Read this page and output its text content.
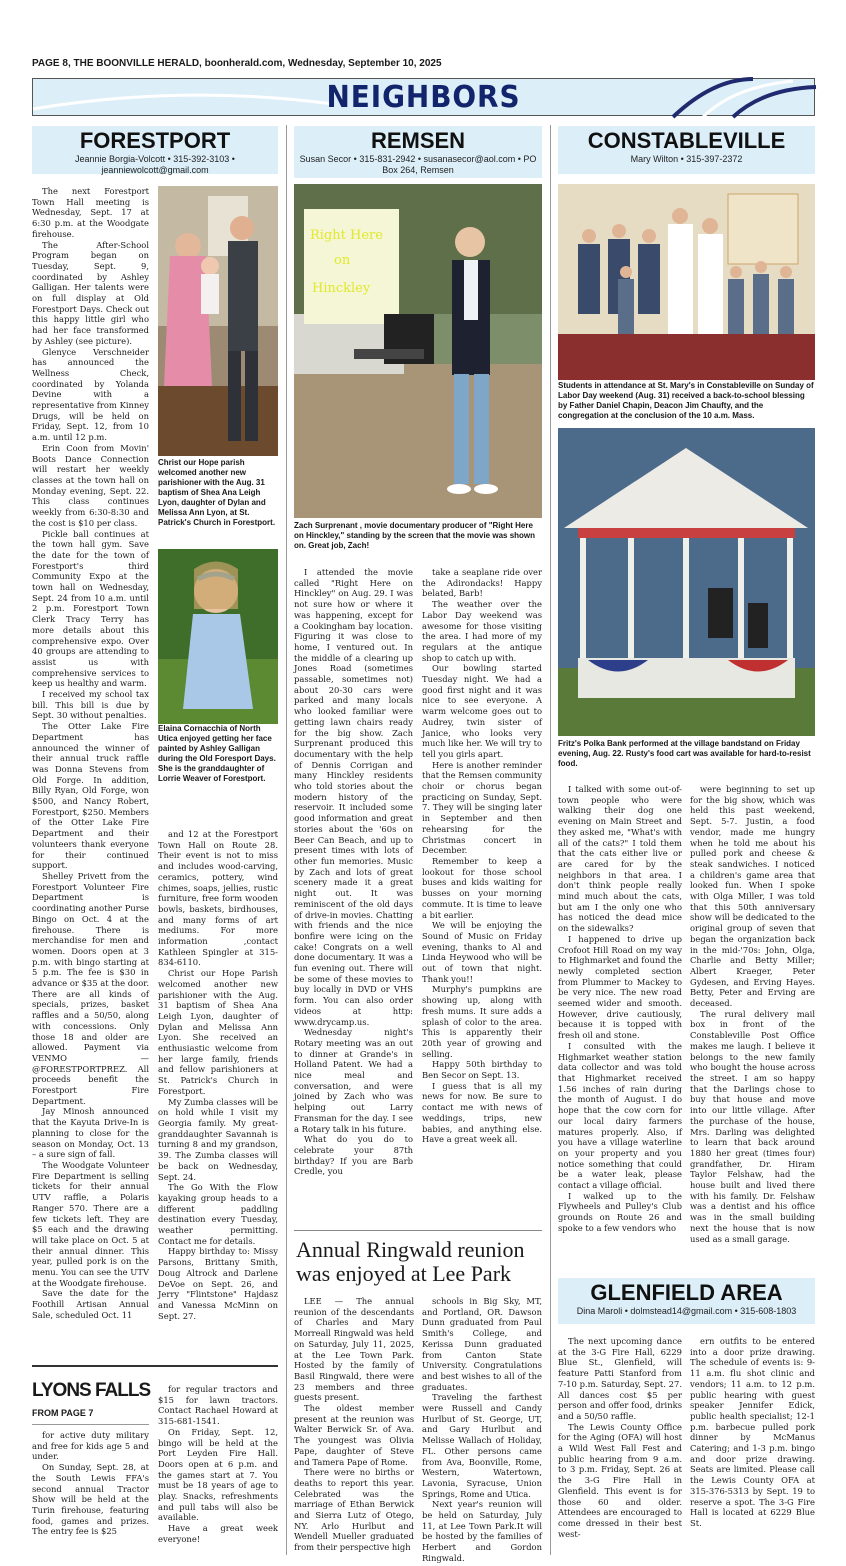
PAGE 8, THE BOONVILLE HERALD, boonherald.com, Wednesday, September 10, 2025
NEIGHBORS
FORESTPORT
Jeannie Borgia-Volcott • 315-392-3103 • jeanniewolcott@gmail.com

The next Forestport Town Hall meeting is Wednesday, Sept. 17 at 6:30 p.m. at the Woodgate firehouse.

The After-School Program began on Tuesday, Sept. 9, coordinated by Ashley Galligan. Her talents were on full display at Old Forestport Days. Check out this happy little girl who had her face transformed by Ashley (see picture).

Glenyce Verschneider has announced the Wellness Check, coordinated by Yolanda Devine with a representative from Kinney Drugs, will be held on Friday, Sept. 12, from 10 a.m. until 12 p.m.

Erin Coon from Movin' Boots Dance Connection will restart her weekly classes at the town hall on Monday evening, Sept. 22. This class continues weekly from 6:30-8:30 and the cost is $10 per class.

Pickle ball continues at the town hall gym. Save the date for the town of Forestport's third Community Expo at the town hall on Wednesday, Sept. 24 from 10 a.m. until 2 p.m. Forestport Town Clerk Tracy Terry has more details about this comprehensive expo. Over 40 groups are attending to assist us with comprehensive services to keep us healthy and warm.

I received my school tax bill. This bill is due by Sept. 30 without penalties.

The Otter Lake Fire Department has announced the winner of their annual truck raffle was Donna Stevens from Old Forge. In addition, Billy Ryan, Old Forge, won $500, and Nancy Robert, Forestport, $250. Members of the Otter Lake Fire Department and their volunteers thank everyone for their continued support.

Shelley Privett from the Forestport Volunteer Fire Department is coordinating another Purse Bingo on Oct. 4 at the firehouse. There is merchandise for men and women. Doors open at 3 p.m. with bingo starting at 5 p.m. The fee is $30 in advance or $35 at the door. There are all kinds of specials, prizes, basket raffles and a 50/50, along with concessions. Only those 18 and older are allowed. Payment via VENMO — @FORESTPORTPREZ. All proceeds benefit the Forestport Fire Department.

Jay Minosh announced that the Kayuta Drive-In is planning to close for the season on Monday, Oct. 13 – a sure sign of fall.

The Woodgate Volunteer Fire Department is selling tickets for their annual UTV raffle, a Polaris Ranger 570. There are a few tickets left. They are $5 each and the drawing will take place on Oct. 5 at their annual dinner. This year, pulled pork is on the menu. You can see the UTV at the Woodgate firehouse.

Save the date for the Foothill Artisan Annual Sale, scheduled Oct. 11

Christ our Hope parish welcomed another new parishioner with the Aug. 31 baptism of Shea Ana Leigh Lyon, daughter of Dylan and Melissa Ann Lyon, at St. Patrick's Church in Forestport.
Elaina Cornacchia of North Utica enjoyed getting her face painted by Ashley Galligan during the Old Foresport Days. She is the granddaughter of Lorrie Weaver of Forestport.

and 12 at the Forestport Town Hall on Route 28. Their event is not to miss and includes wood-carving, ceramics, pottery, wind chimes, soaps, jellies, rustic furniture, free form wooden bowls, baskets, birdhouses, and many forms of art mediums. For more information ,contact Kathleen Spingler at 315-834-6110.

Christ our Hope Parish welcomed another new parishioner with the Aug. 31 baptism of Shea Ana Leigh Lyon, daughter of Dylan and Melissa Ann Lyon. She received an enthusiastic welcome from her large family, friends and fellow parishioners at St. Patrick's Church in Forestport.

My Zumba classes will be on hold while I visit my Georgia family. My great-granddaughter Savannah is turning 8 and my grandson, 39. The Zumba classes will be back on Wednesday, Sept. 24.

The Go With the Flow kayaking group heads to a different paddling destination every Tuesday, weather permitting. Contact me for details.

Happy birthday to: Missy Parsons, Brittany Smith, Doug Altrock and Darlene DeVoe on Sept. 26, and Jerry "Flintstone" Hajdasz and Vanessa McMinn on Sept. 27.

LYONS FALLS
FROM PAGE 7

for active duty military and free for kids age 5 and under.

On Sunday, Sept. 28, at the South Lewis FFA's second annual Tractor Show will be held at the Turin firehouse, featuring food, games and prizes. The entry fee is $25

for regular tractors and $15 for lawn tractors. Contact Rachael Howard at 315-681-1541.

On Friday, Sept. 12, bingo will be held at the Port Leyden Fire Hall. Doors open at 6 p.m. and the games start at 7. You must be 18 years of age to play. Snacks, refreshments and pull tabs will also be available.

Have a great week everyone!

REMSEN
Susan Secor • 315-831-2942 • susanasecor@aol.com • PO Box 264, Remsen
Right Here
on
Hinckley
Zach Surprenant , movie documentary producer of "Right Here on Hinckley," standing by the screen that the movie was shown on. Great job, Zach!

I attended the movie called "Right Here on Hinckley" on Aug. 29. I was not sure how or where it was happening, except for a Cookingham bay location. Figuring it was close to home, I ventured out. In the middle of a clearing up Jones Road (sometimes passable, sometimes not) about 20-30 cars were parked and many locals who looked familiar were getting lawn chairs ready for the big show. Zach Surprenant produced this documentary with the help of Dennis Corrigan and many Hinckley residents who told stories about the modern history of the reservoir. It included some good information and great stories about the '60s on Beer Can Beach, and up to present times with lots of other fun memories. Music by Zach and lots of great scenery made it a great night out. It was reminiscent of the old days of drive-in movies. Chatting with friends and the nice bonfire were icing on the cake! Congrats on a well done documentary. It was a fun evening out. There will be some of these movies to buy locally in DVD or VHS form. You can also order videos at http: www.drycamp.us.

Wednesday night's Rotary meeting was an out to dinner at Grande's in Holland Patent. We had a nice meal and conversation, and were joined by Zach who was helping out Larry Fransman for the day. I see a Rotary talk in his future.

What do you do to celebrate your 87th birthday? If you are Barb Credle, you

take a seaplane ride over the Adirondacks! Happy belated, Barb!

The weather over the Labor Day weekend was awesome for those visiting the area. I had more of my regulars at the antique shop to catch up with.

Our bowling started Tuesday night. We had a good first night and it was nice to see everyone. A warm welcome goes out to Audrey, twin sister of Janice, who looks very much like her. We will try to tell you girls apart.

Here is another reminder that the Remsen community choir or chorus began practicing on Sunday, Sept. 7. They will be singing later in September and then rehearsing for the Christmas concert in December.

Remember to keep a lookout for those school buses and kids waiting for busses on your morning commute. It is time to leave a bit earlier.

We will be enjoying the Sound of Music on Friday evening, thanks to Al and Linda Heywood who will be out of town that night. Thank you!!

Murphy's pumpkins are showing up, along with fresh mums. It sure adds a splash of color to the area. This is apparently their 20th year of growing and selling.

Happy 50th birthday to Ben Secor on Sept. 13.

I guess that is all my news for now. Be sure to contact me with news of weddings, trips, new babies, and anything else. Have a great week all.

Annual Ringwald reunion was enjoyed at Lee Park

LEE — The annual reunion of the descendants of Charles and Mary Morreall Ringwald was held on Saturday, July 11, 2025, at the Lee Town Park. Hosted by the family of Basil Ringwald, there were 23 members and three guests present.

The oldest member present at the reunion was Walter Berwick Sr. of Ava. The youngest was Olivia Pape, daughter of Steve and Tamera Pape of Rome.

There were no births or deaths to report this year. Celebrated was the marriage of Ethan Berwick and Sierra Lutz of Otego, NY. Arlo Hurlbut and Wendell Mueller graduated from their perspective high

schools in Big Sky, MT, and Portland, OR. Dawson Dunn graduated from Paul Smith's College, and Kerissa Dunn graduated from Canton State University. Congratulations and best wishes to all of the graduates.

Traveling the farthest were Russell and Candy Hurlbut of St. George, UT, and Gary Hurlbut and Melisse Wallach of Holiday, FL. Other persons came from Ava, Boonville, Rome, Western, Watertown, Lavonia, Syracuse, Union Springs, Rome and Utica.

Next year's reunion will be held on Saturday, July 11, at Lee Town Park.It will be hosted by the families of Herbert and Gordon Ringwald.

CONSTABLEVILLE
Mary Wilton • 315-397-2372
Students in attendance at St. Mary's in Constableville on Sunday of Labor Day weekend (Aug. 31) received a back-to-school blessing by Father Daniel Chapin, Deacon Jim Chaufty, and the congregation at the conclusion of the 10 a.m. Mass.
Fritz's Polka Bank performed at the village bandstand on Friday evening, Aug. 22. Rusty's food cart was available for hard-to-resist food.

I talked with some out-of-town people who were walking their dog one evening on Main Street and they asked me, "What's with all of the cats?" I told them that the cats either live or are cared for by the neighbors in that area. I don't think people really mind much about the cats, but am I the only one who has noticed the dead mice on the sidewalks?

I happened to drive up Crofoot Hill Road on my way to Highmarket and found the newly completed section from Plummer to Mackey to be very nice. The new road seemed wider and smooth. However, drive cautiously, because it is topped with fresh oil and stone.

I consulted with the Highmarket weather station data collector and was told that Highmarket received 1.56 inches of rain during the month of August. I do hope that the cow corn for our local dairy farmers matures properly. Also, if you have a village waterline on your property and you notice something that could be a water leak, please contact a village official.

I walked up to the Flywheels and Pulley's Club grounds on Route 26 and spoke to a few vendors who

were beginning to set up for the big show, which was held this past weekend, Sept. 5-7. Justin, a food vendor, made me hungry when he told me about his pulled pork and cheese & steak sandwiches. I noticed a children's game area that looked fun. When I spoke with Olga Miller, I was told that this 50th anniversary show will be dedicated to the original group of seven that began the organization back in the mid-'70s: John, Olga, Charlie and Betty Miller; Albert Kraeger, Peter Gydesen, and Erving Hayes. Betty, Peter and Erving are deceased.

The rural delivery mail box in front of the Constableville Post Office makes me laugh. I believe it belongs to the new family who bought the house across the street. I am so happy that the Darlings chose to buy that house and move into our little village. After the purchase of the house, Mrs. Darling was delighted to learn that back around 1880 her great (times four) grandfather, Dr. Hiram Taylor Felshaw, had the house built and lived there with his family. Dr. Felshaw was a dentist and his office was in the small building next the house that is now used as a small garage.

GLENFIELD AREA
Dina Maroli • dolmstead14@gmail.com • 315-608-1803

The next upcoming dance at the 3-G Fire Hall, 6229 Blue St., Glenfield, will feature Patti Stanford from 7-10 p.m. Saturday, Sept. 27. All dances cost $5 per person and offer food, drinks and a 50/50 raffle.

The Lewis County Office for the Aging (OFA) will host a Wild West Fall Fest and public hearing from 9 a.m. to 3 p.m. Friday, Sept. 26 at the 3-G Fire Hall in Glenfield. This event is for those 60 and older. Attendees are encouraged to come dressed in their best west-

ern outfits to be entered into a door prize drawing. The schedule of events is: 9-11 a.m. flu shot clinic and vendors; 11 a.m. to 12 p.m. public hearing with guest speaker Jennifer Edick, public health specialist; 12-1 p.m. barbecue pulled pork dinner by McManus Catering; and 1-3 p.m. bingo and door prize drawing. Seats are limited. Please call the Lewis County OFA at 315-376-5313 by Sept. 19 to reserve a spot. The 3-G Fire Hall is located at 6229 Blue St.
